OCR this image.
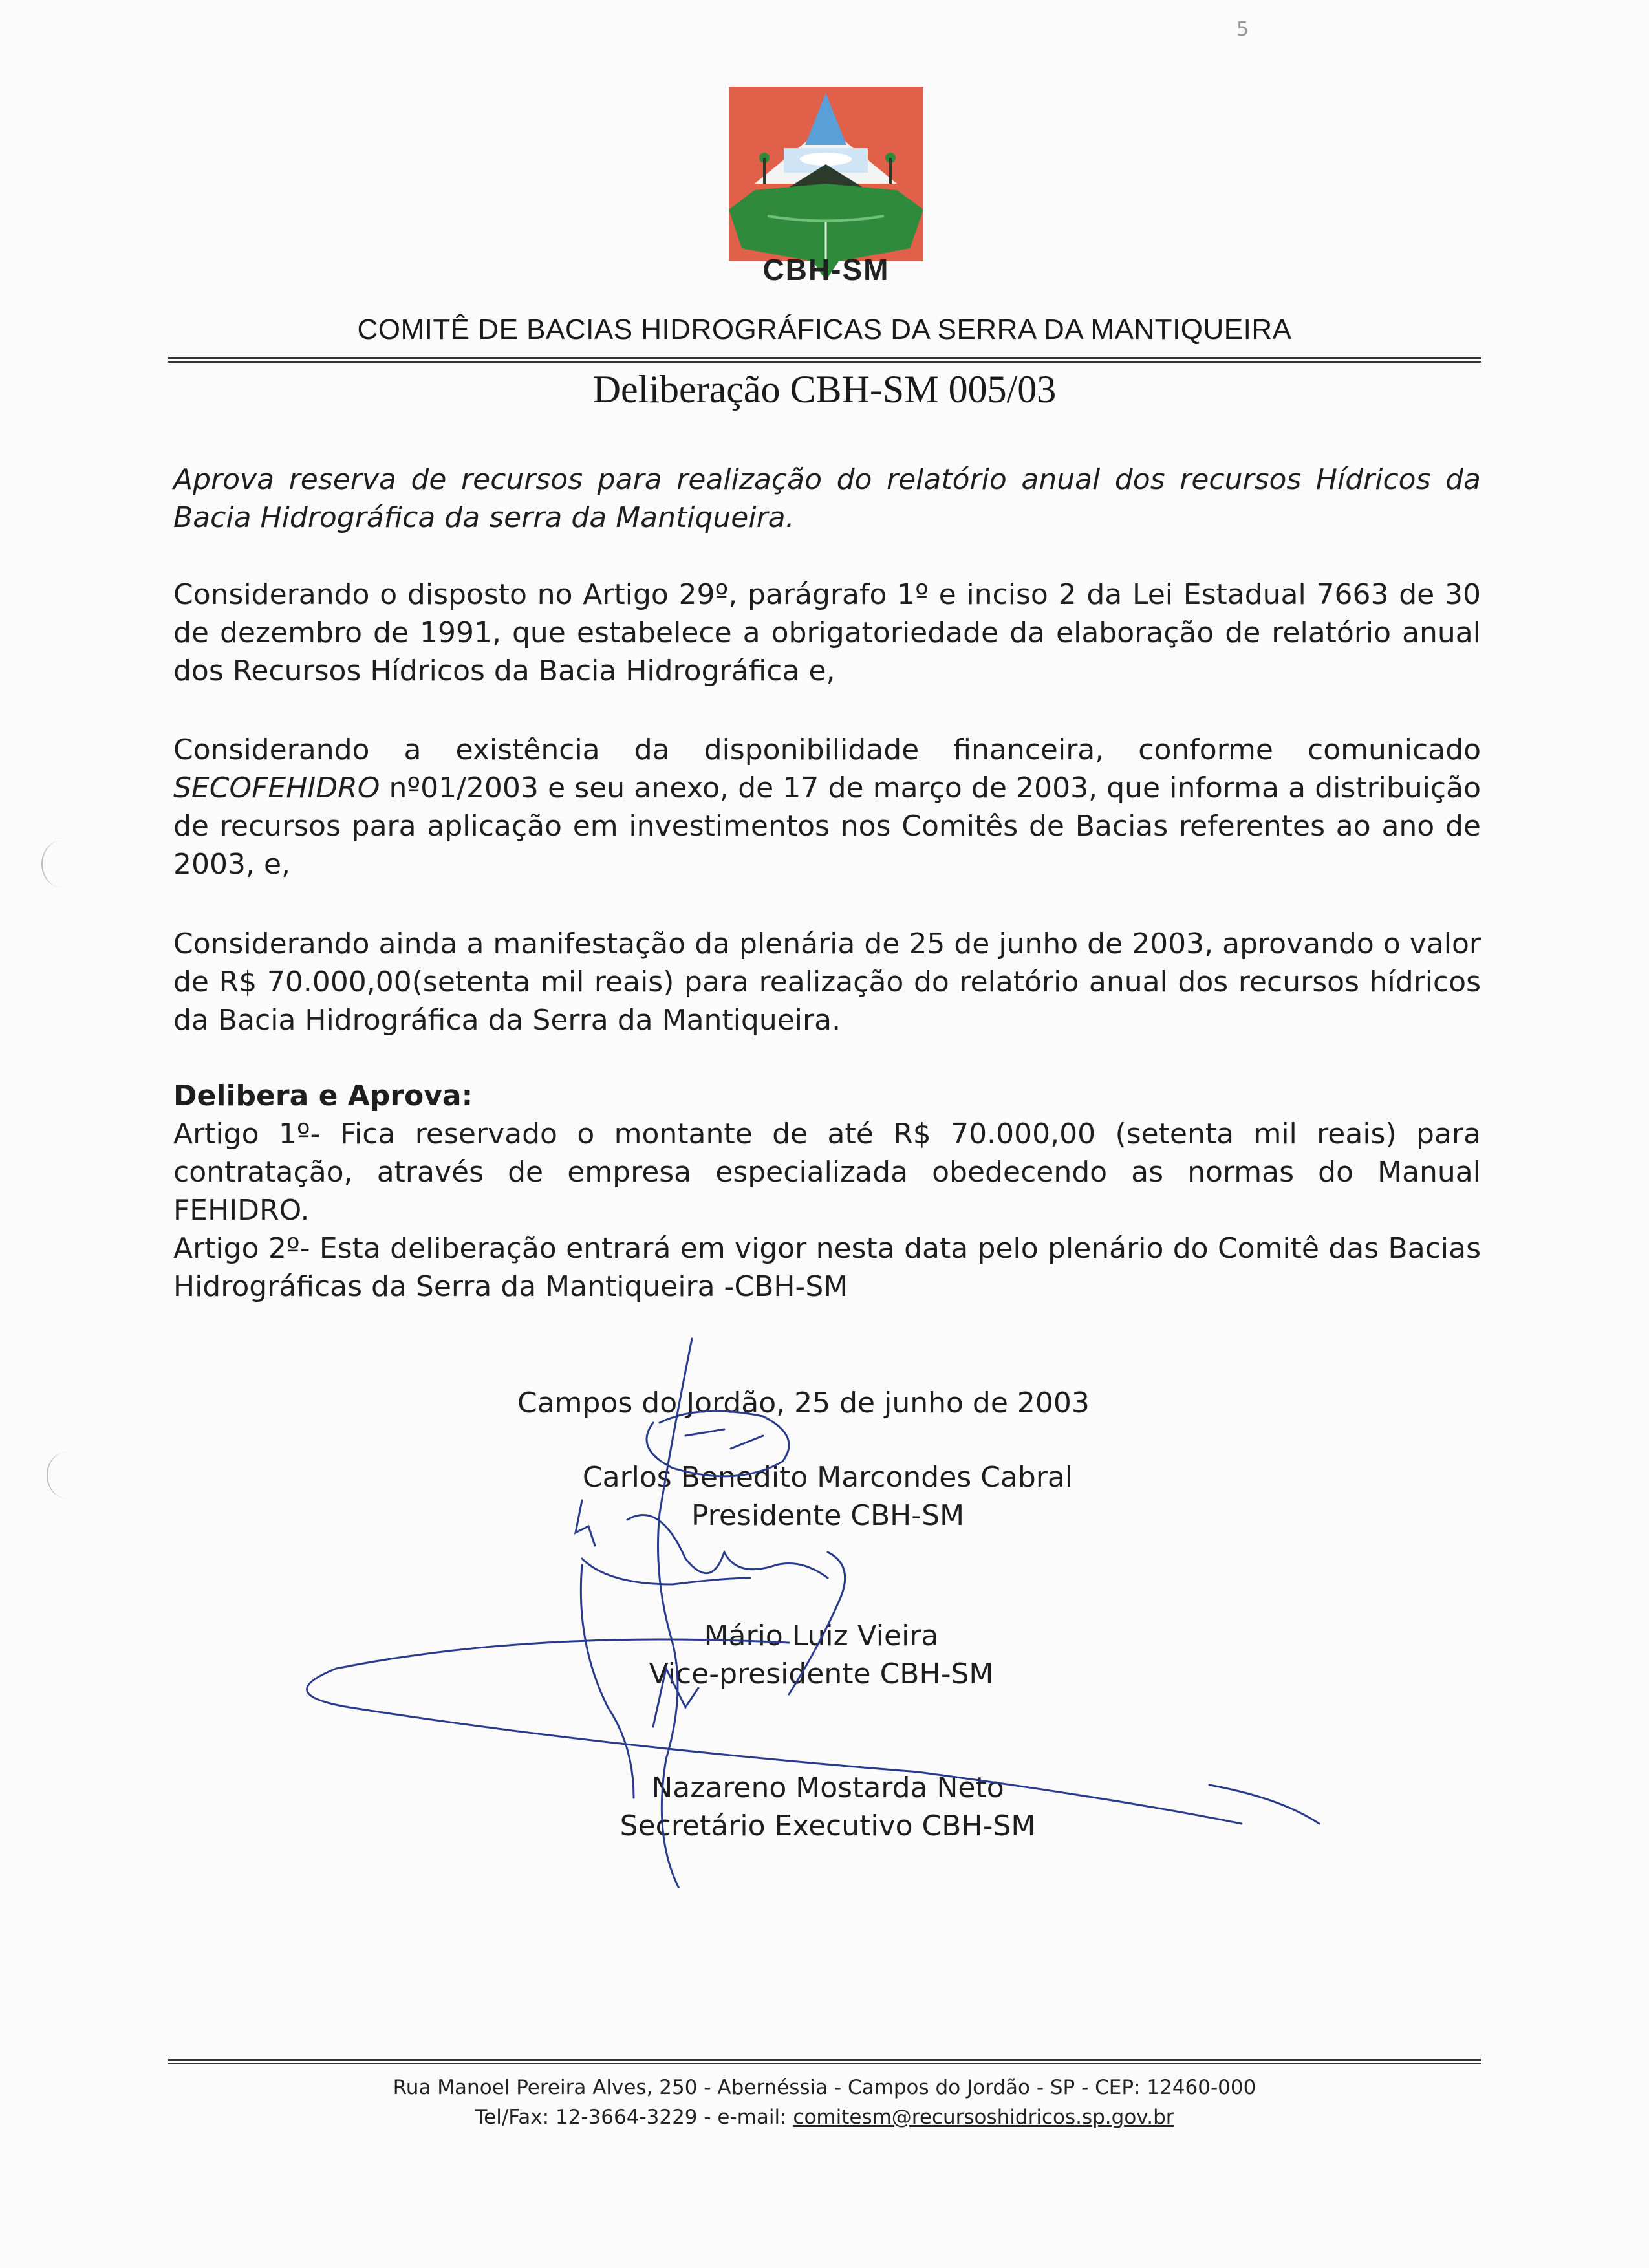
5
CBH-SM
COMITÊ DE BACIAS HIDROGRÁFICAS DA SERRA DA MANTIQUEIRA
Deliberação CBH-SM 005/03
Aprova reserva de recursos para realização do relatório anual dos recursos Hídricos da Bacia Hidrográfica da serra da Mantiqueira.
Considerando o disposto no Artigo 29º, parágrafo 1º e inciso 2 da Lei Estadual 7663 de 30 de dezembro de 1991, que estabelece a obrigatoriedade da elaboração de relatório anual dos Recursos Hídricos da Bacia Hidrográfica e,
Considerando a existência da disponibilidade financeira, conforme comunicado SECOFEHIDRO nº01/2003 e seu anexo, de 17 de março de 2003, que informa a distribuição de recursos para aplicação em investimentos nos Comitês de Bacias referentes ao ano de 2003, e,
Considerando ainda a manifestação da plenária de 25 de junho de 2003, aprovando o valor de R$ 70.000,00(setenta mil reais) para realização do relatório anual dos recursos hídricos da Bacia Hidrográfica da Serra da Mantiqueira.

Delibera e Aprova:

Artigo 1º- Fica reservado o montante de até R$ 70.000,00 (setenta mil reais) para contratação, através de empresa especializada obedecendo as normas do Manual FEHIDRO.

Artigo 2º- Esta deliberação entrará em vigor nesta data pelo plenário do Comitê das Bacias Hidrográficas da Serra da Mantiqueira -CBH-SM

Campos do Jordão, 25 de junho de 2003
Carlos Benedito Marcondes Cabral
Presidente CBH-SM
Mário Luiz Vieira
Vice-presidente CBH-SM
Nazareno Mostarda Neto
Secretário Executivo CBH-SM
Rua Manoel Pereira Alves, 250 - Abernéssia - Campos do Jordão - SP - CEP: 12460-000
Tel/Fax: 12-3664-3229 - e-mail: comitesm@recursoshidricos.sp.gov.br
